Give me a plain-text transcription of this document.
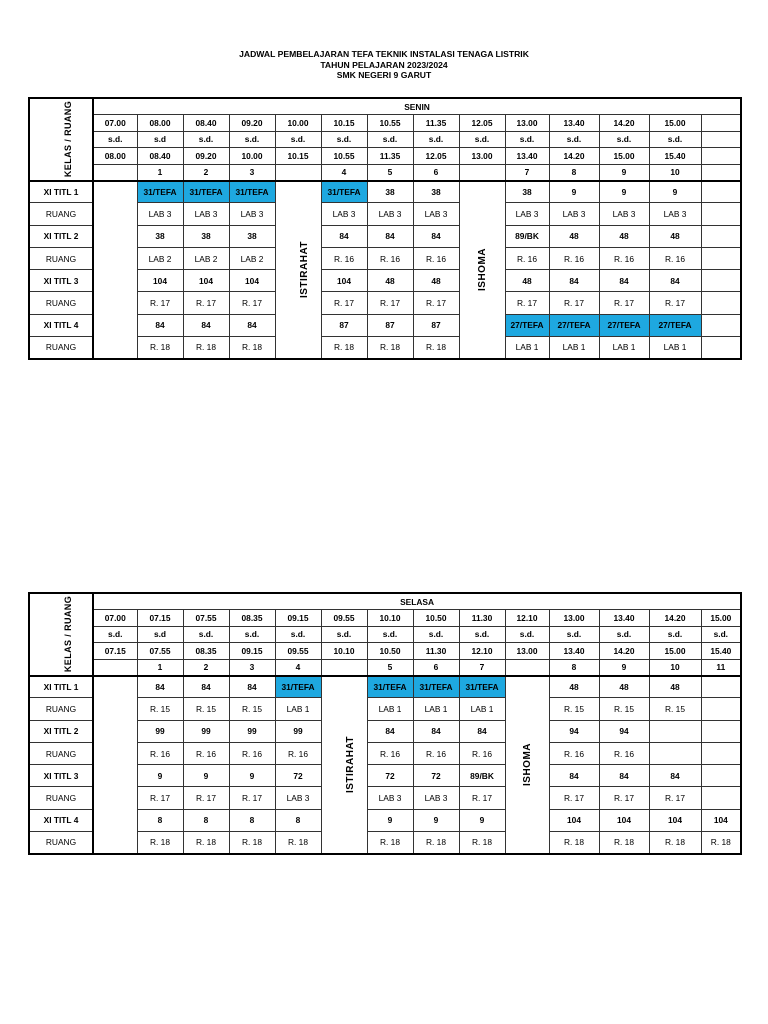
JADWAL PEMBELAJARAN TEFA TEKNIK INSTALASI TENAGA LISTRIK
TAHUN PELAJARAN 2023/2024
SMK NEGERI 9 GARUT
KELAS / RUANG	SENIN													
	07.00	08.00	08.40	09.20	10.00	10.15	10.55	11.35	12.05	13.00	13.40	14.20	15.00	
	s.d.	s.d	s.d.	s.d.	s.d.	s.d.	s.d.	s.d.	s.d.	s.d.	s.d.	s.d.	s.d.	
	08.00	08.40	09.20	10.00	10.15	10.55	11.35	12.05	13.00	13.40	14.20	15.00	15.40	
		1	2	3		4	5	6		7	8	9	10	
XI TITL 1		31/TEFA	31/TEFA	31/TEFA	ISTIRAHAT	31/TEFA	38	38	ISHOMA	38	9	9	9	
RUANG		LAB 3	LAB 3	LAB 3		LAB 3	LAB 3	LAB 3		LAB 3	LAB 3	LAB 3	LAB 3	
XI TITL 2		38	38	38		84	84	84		89/BK	48	48	48	
RUANG		LAB 2	LAB 2	LAB 2		R. 16	R. 16	R. 16		R. 16	R. 16	R. 16	R. 16	
XI TITL 3		104	104	104		104	48	48		48	84	84	84	
RUANG		R. 17	R. 17	R. 17		R. 17	R. 17	R. 17		R. 17	R. 17	R. 17	R. 17	
XI TITL 4		84	84	84		87	87	87		27/TEFA	27/TEFA	27/TEFA	27/TEFA	
RUANG		R. 18	R. 18	R. 18		R. 18	R. 18	R. 18		LAB 1	LAB 1	LAB 1	LAB 1	
KELAS / RUANG	SELASA													
	07.00	07.15	07.55	08.35	09.15	09.55	10.10	10.50	11.30	12.10	13.00	13.40	14.20	15.00
	s.d.	s.d	s.d.	s.d.	s.d.	s.d.	s.d.	s.d.	s.d.	s.d.	s.d.	s.d.	s.d.	s.d.
	07.15	07.55	08.35	09.15	09.55	10.10	10.50	11.30	12.10	13.00	13.40	14.20	15.00	15.40
		1	2	3	4		5	6	7		8	9	10	11
XI TITL 1		84	84	84	31/TEFA	ISTIRAHAT	31/TEFA	31/TEFA	31/TEFA	ISHOMA	48	48	48	
RUANG		R. 15	R. 15	R. 15	LAB 1		LAB 1	LAB 1	LAB 1		R. 15	R. 15	R. 15	
XI TITL 2		99	99	99	99		84	84	84		94	94		
RUANG		R. 16	R. 16	R. 16	R. 16		R. 16	R. 16	R. 16		R. 16	R. 16		
XI TITL 3		9	9	9	72		72	72	89/BK		84	84	84	
RUANG		R. 17	R. 17	R. 17	LAB 3		LAB 3	LAB 3	R. 17		R. 17	R. 17	R. 17	
XI TITL 4		8	8	8	8		9	9	9		104	104	104	104
RUANG		R. 18	R. 18	R. 18	R. 18		R. 18	R. 18	R. 18		R. 18	R. 18	R. 18	R. 18
